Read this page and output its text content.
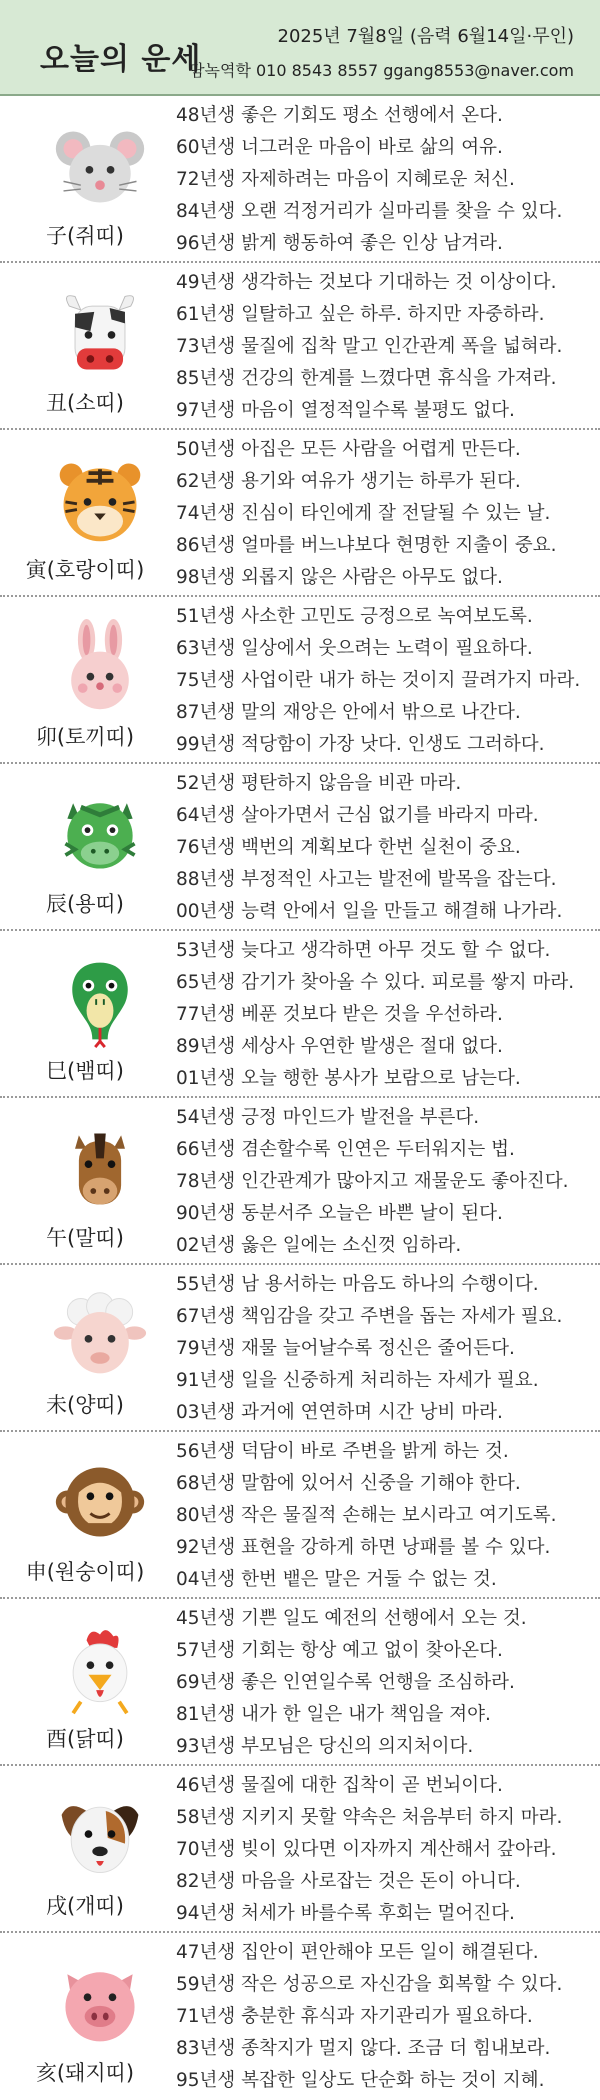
오늘의 운세
2025년 7월8일 (음력 6월14일·무인)
담녹역학 010 8543 8557 ggang8553@naver.com
子(쥐띠)
48년생 좋은 기회도 평소 선행에서 온다.
60년생 너그러운 마음이 바로 삶의 여유.
72년생 자제하려는 마음이 지혜로운 처신.
84년생 오랜 걱정거리가 실마리를 찾을 수 있다.
96년생 밝게 행동하여 좋은 인상 남겨라.
丑(소띠)
49년생 생각하는 것보다 기대하는 것 이상이다.
61년생 일탈하고 싶은 하루. 하지만 자중하라.
73년생 물질에 집착 말고 인간관계 폭을 넓혀라.
85년생 건강의 한계를 느꼈다면 휴식을 가져라.
97년생 마음이 열정적일수록 불평도 없다.
寅(호랑이띠)
50년생 아집은 모든 사람을 어렵게 만든다.
62년생 용기와 여유가 생기는 하루가 된다.
74년생 진심이 타인에게 잘 전달될 수 있는 날.
86년생 얼마를 버느냐보다 현명한 지출이 중요.
98년생 외롭지 않은 사람은 아무도 없다.
卯(토끼띠)
51년생 사소한 고민도 긍정으로 녹여보도록.
63년생 일상에서 웃으려는 노력이 필요하다.
75년생 사업이란 내가 하는 것이지 끌려가지 마라.
87년생 말의 재앙은 안에서 밖으로 나간다.
99년생 적당함이 가장 낫다. 인생도 그러하다.
辰(용띠)
52년생 평탄하지 않음을 비관 마라.
64년생 살아가면서 근심 없기를 바라지 마라.
76년생 백번의 계획보다 한번 실천이 중요.
88년생 부정적인 사고는 발전에 발목을 잡는다.
00년생 능력 안에서 일을 만들고 해결해 나가라.
巳(뱀띠)
53년생 늦다고 생각하면 아무 것도 할 수 없다.
65년생 감기가 찾아올 수 있다. 피로를 쌓지 마라.
77년생 베푼 것보다 받은 것을 우선하라.
89년생 세상사 우연한 발생은 절대 없다.
01년생 오늘 행한 봉사가 보람으로 남는다.
午(말띠)
54년생 긍정 마인드가 발전을 부른다.
66년생 겸손할수록 인연은 두터워지는 법.
78년생 인간관계가 많아지고 재물운도 좋아진다.
90년생 동분서주 오늘은 바쁜 날이 된다.
02년생 옳은 일에는 소신껏 임하라.
未(양띠)
55년생 남 용서하는 마음도 하나의 수행이다.
67년생 책임감을 갖고 주변을 돕는 자세가 필요.
79년생 재물 늘어날수록 정신은 줄어든다.
91년생 일을 신중하게 처리하는 자세가 필요.
03년생 과거에 연연하며 시간 낭비 마라.
申(원숭이띠)
56년생 덕담이 바로 주변을 밝게 하는 것.
68년생 말함에 있어서 신중을 기해야 한다.
80년생 작은 물질적 손해는 보시라고 여기도록.
92년생 표현을 강하게 하면 낭패를 볼 수 있다.
04년생 한번 뱉은 말은 거둘 수 없는 것.
酉(닭띠)
45년생 기쁜 일도 예전의 선행에서 오는 것.
57년생 기회는 항상 예고 없이 찾아온다.
69년생 좋은 인연일수록 언행을 조심하라.
81년생 내가 한 일은 내가 책임을 져야.
93년생 부모님은 당신의 의지처이다.
戌(개띠)
46년생 물질에 대한 집착이 곧 번뇌이다.
58년생 지키지 못할 약속은 처음부터 하지 마라.
70년생 빚이 있다면 이자까지 계산해서 갚아라.
82년생 마음을 사로잡는 것은 돈이 아니다.
94년생 처세가 바를수록 후회는 멀어진다.
亥(돼지띠)
47년생 집안이 편안해야 모든 일이 해결된다.
59년생 작은 성공으로 자신감을 회복할 수 있다.
71년생 충분한 휴식과 자기관리가 필요하다.
83년생 종착지가 멀지 않다. 조금 더 힘내보라.
95년생 복잡한 일상도 단순화 하는 것이 지혜.
